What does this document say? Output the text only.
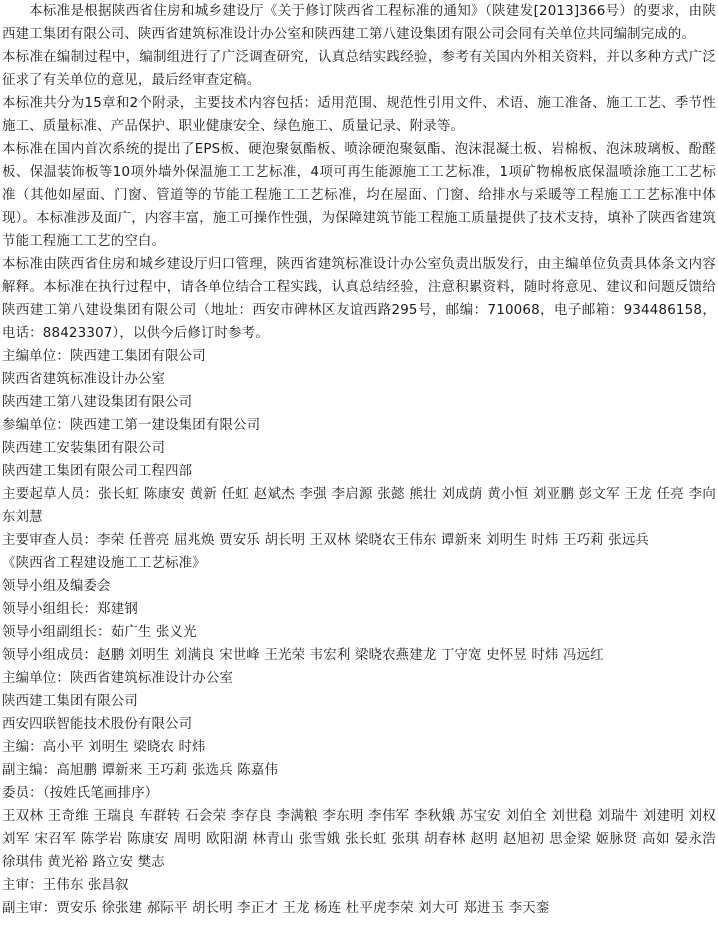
本标准是根据陕西省住房和城乡建设厅《关于修订陕西省工程标准的通知》（陕建发[2013]366号）的要求，由陕西建工集团有限公司、陕西省建筑标准设计办公室和陕西建工第八建设集团有限公司会同有关单位共同编制完成的。

本标准在编制过程中，编制组进行了广泛调查研究，认真总结实践经验，参考有关国内外相关资料，并以多种方式广泛征求了有关单位的意见，最后经审查定稿。

本标准共分为15章和2个附录，主要技术内容包括：适用范围、规范性引用文件、术语、施工准备、施工工艺、季节性施工、质量标准、产品保护、职业健康安全、绿色施工、质量记录、附录等。

本标准在国内首次系统的提出了EPS板、硬泡聚氨酯板、喷涂硬泡聚氨酯、泡沫混凝土板、岩棉板、泡沫玻璃板、酚醛板、保温装饰板等10项外墙外保温施工工艺标准，4项可再生能源施工工艺标准，1项矿物棉板底保温喷涂施工工艺标准（其他如屋面、门窗、管道等的节能工程施工工艺标准，均在屋面、门窗、给排水与采暖等工程施工工艺标准中体现）。本标准涉及面广，内容丰富，施工可操作性强，为保障建筑节能工程施工质量提供了技术支持，填补了陕西省建筑节能工程施工工艺的空白。

本标准由陕西省住房和城乡建设厅归口管理，陕西省建筑标准设计办公室负责出版发行，由主编单位负责具体条文内容解释。本标准在执行过程中，请各单位结合工程实践，认真总结经验，注意积累资料，随时将意见、建议和问题反馈给陕西建工第八建设集团有限公司（地址：西安市碑林区友谊西路295号，邮编：710068，电子邮箱：934486158，电话：88423307），以供今后修订时参考。

主编单位：陕西建工集团有限公司

陕西省建筑标准设计办公室

陕西建工第八建设集团有限公司

参编单位：陕西建工第一建设集团有限公司

陕西建工安装集团有限公司

陕西建工集团有限公司工程四部

主要起草人员：张长虹 陈康安 黄新 任虹 赵斌杰 李强 李启源 张懿 熊壮 刘成荫 黄小恒 刘亚鹏 彭文军 王龙 任亮 李向东刘慧

主要审查人员：李荣 任普亮 屈兆焕 贾安乐 胡长明 王双林 梁晓农王伟东 谭新来 刘明生 时炜 王巧莉 张远兵

《陕西省工程建设施工工艺标准》

领导小组及编委会

领导小组组长：郑建钢

领导小组副组长：茹广生 张义光

领导小组成员：赵鹏 刘明生 刘满良 宋世峰 王光荣 韦宏利 梁晓农燕建龙 丁守宽 史怀昱 时炜 冯远红

主编单位：陕西省建筑标准设计办公室

陕西建工集团有限公司

西安四联智能技术股份有限公司

主编：高小平 刘明生 梁晓农 时炜

副主编：高旭鹏 谭新来 王巧莉 张选兵 陈嘉伟

委员：（按姓氏笔画排序）

王双林 王奇维 王瑞良 车群转 石会荣 李存良 李满粮 李东明 李伟军 李秋娥 苏宝安 刘伯全 刘世稳 刘瑞牛 刘建明 刘权 刘军 宋召军 陈学岩 陈康安 周明 欧阳湖 林青山 张雪娥 张长虹 张琪 胡春林 赵明 赵旭初 思金梁 姬脉贤 高如 晏永浩 徐琪伟 黄光裕 路立安 樊志

主审：王伟东 张昌叙

副主审：贾安乐 徐张建 郝际平 胡长明 李正才 王龙 杨连 杜平虎李荣 刘大可 郑进玉 李天銮
